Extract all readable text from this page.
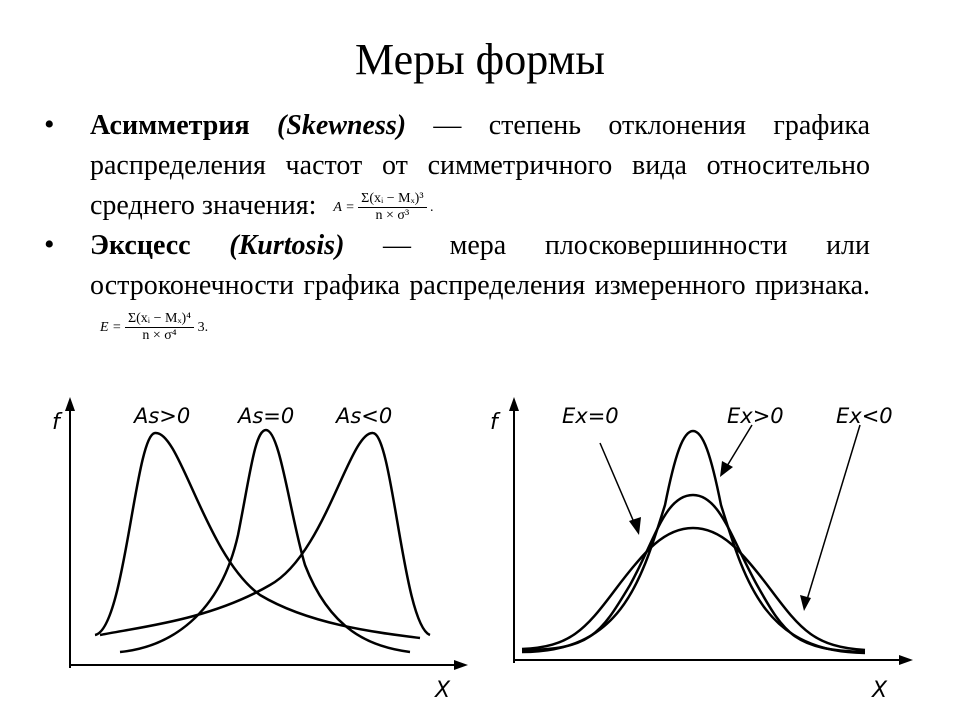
Меры формы
• Асимметрия (Skewness) — степень отклонения графика распределения частот от симметричного вида относительно среднего значения: $A = \frac{\text{Σ(xᵢ − Mₓ)³}}{\text{n × σ³}}$ .
• Эксцесс (Kurtosis) — мера плосковершинности или остроконечности графика распределения измеренного признака. $E = \frac{\text{Σ(xᵢ − Mₓ)⁴}}{\text{n × σ⁴}} 3$.
f
X
As>0 As=0 As<0	f
X
Ex=0	Ex>0 Ex<0
